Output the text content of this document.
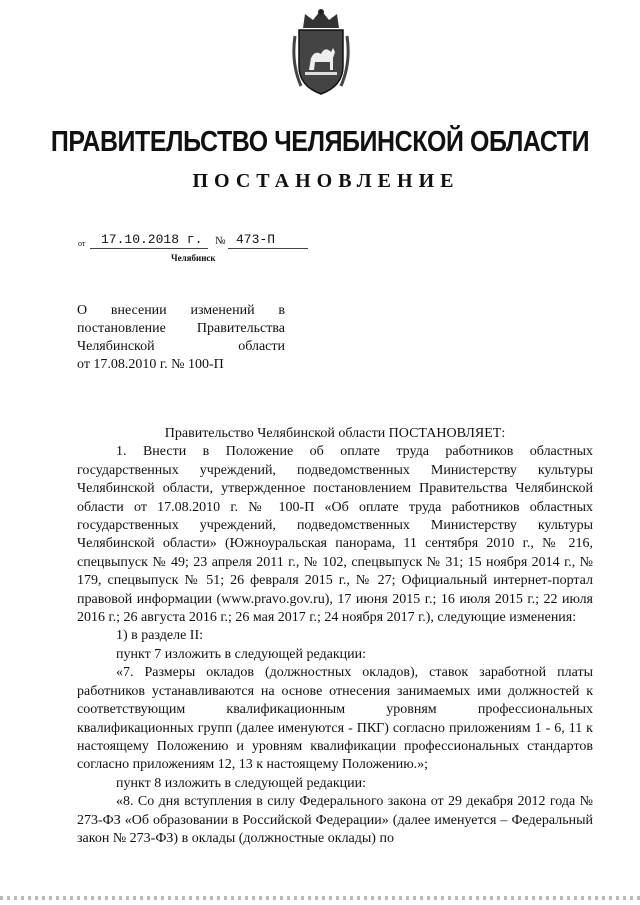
ПРАВИТЕЛЬСТВО ЧЕЛЯБИНСКОЙ ОБЛАСТИ
ПОСТАНОВЛЕНИЕ
от 17.10.2018 г. № 473-П
Челябинск

О внесении изменений в

постановление Правительства

Челябинской области

от 17.08.2010 г. № 100-П

Правительство Челябинской области ПОСТАНОВЛЯЕТ:

1. Внести в Положение об оплате труда работников областных государственных учреждений, подведомственных Министерству культуры Челябинской области, утвержденное постановлением Правительства Челябинской области от 17.08.2010 г. № 100-П «Об оплате труда работников областных государственных учреждений, подведомственных Министерству культуры Челябинской области» (Южноуральская панорама, 11 сентября 2010 г., № 216, спецвыпуск № 49; 23 апреля 2011 г., № 102, спецвыпуск № 31; 15 ноября 2014 г., № 179, спецвыпуск № 51; 26 февраля 2015 г., № 27; Официальный интернет-портал правовой информации (www.pravo.gov.ru), 17 июня 2015 г.; 16 июля 2015 г.; 22 июля 2016 г.; 26 августа 2016 г.; 26 мая 2017 г.; 24 ноября 2017 г.), следующие изменения:

1) в разделе II:

пункт 7 изложить в следующей редакции:

«7. Размеры окладов (должностных окладов), ставок заработной платы работников устанавливаются на основе отнесения занимаемых ими должностей к соответствующим квалификационным уровням профессиональных квалификационных групп (далее именуются - ПКГ) согласно приложениям 1 - 6, 11 к настоящему Положению и уровням квалификации профессиональных стандартов согласно приложениям 12, 13 к настоящему Положению.»;

пункт 8 изложить в следующей редакции:

«8. Со дня вступления в силу Федерального закона от 29 декабря 2012 года № 273-ФЗ «Об образовании в Российской Федерации» (далее именуется – Федеральный закон № 273-ФЗ) в оклады (должностные оклады) по
